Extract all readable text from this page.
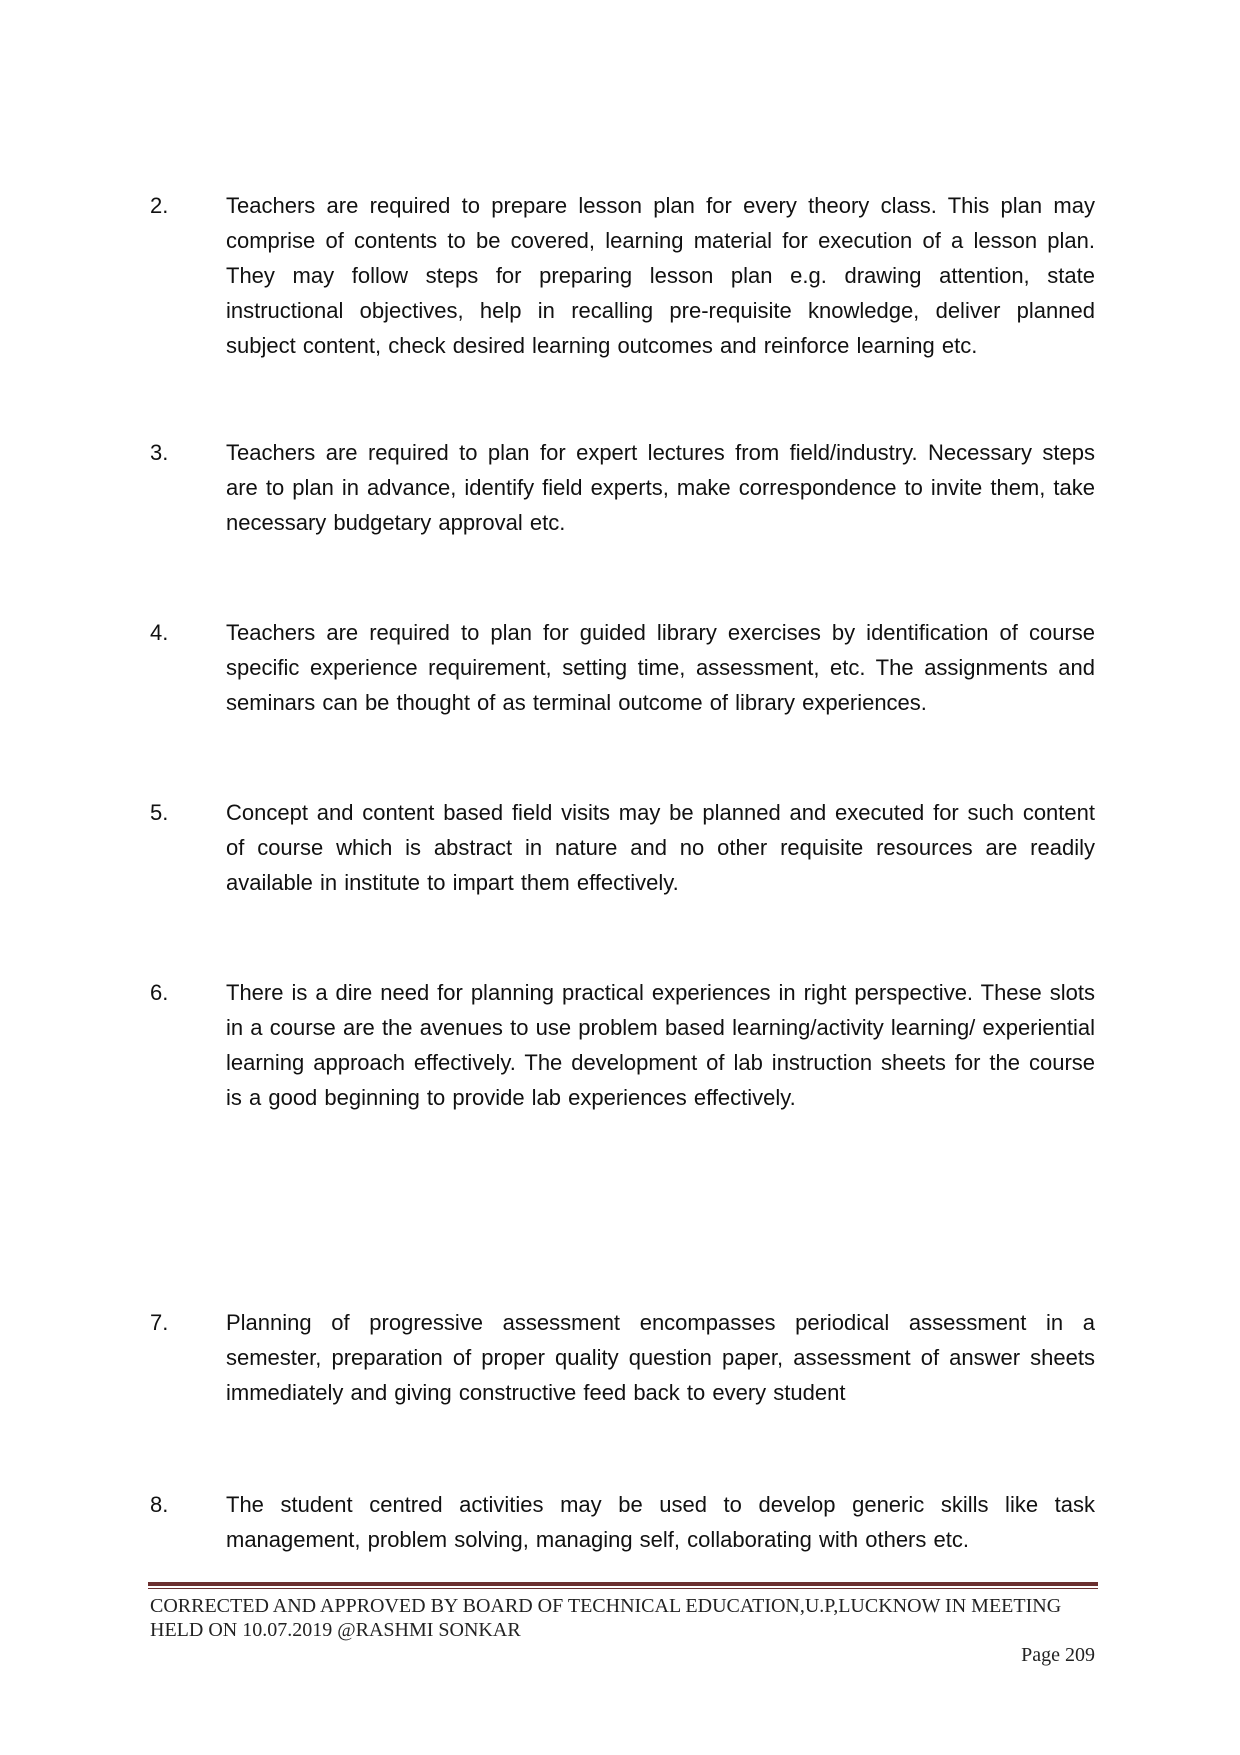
2.	Teachers are required to prepare lesson plan for every theory class. This plan may comprise of contents to be covered, learning material for execution of a lesson plan. They may follow steps for preparing lesson plan e.g. drawing attention, state instructional objectives, help in recalling pre-requisite knowledge, deliver planned subject content, check desired learning outcomes and reinforce learning etc.
3.	Teachers are required to plan for expert lectures from field/industry. Necessary steps are to plan in advance, identify field experts, make correspondence to invite them, take necessary budgetary approval etc.
4.	Teachers are required to plan for guided library exercises by identification of course specific experience requirement, setting time, assessment, etc. The assignments and seminars can be thought of as terminal outcome of library experiences.
5.	Concept and content based field visits may be planned and executed for such content of course which is abstract in nature and no other requisite resources are readily available in institute to impart them effectively.
6.	There is a dire need for planning practical experiences in right perspective. These slots in a course are the avenues to use problem based learning/activity learning/ experiential learning approach effectively. The development of lab instruction sheets for the course is a good beginning to provide lab experiences effectively.
7.	Planning of progressive assessment encompasses periodical assessment in a semester, preparation of proper quality question paper, assessment of answer sheets immediately and giving constructive feed back to every student
8.	The student centred activities may be used to develop generic skills like task management, problem solving, managing self, collaborating with others etc.
CORRECTED AND APPROVED BY BOARD OF TECHNICAL EDUCATION,U.P,LUCKNOW IN MEETING HELD ON 10.07.2019 @RASHMI SONKAR
Page 209
